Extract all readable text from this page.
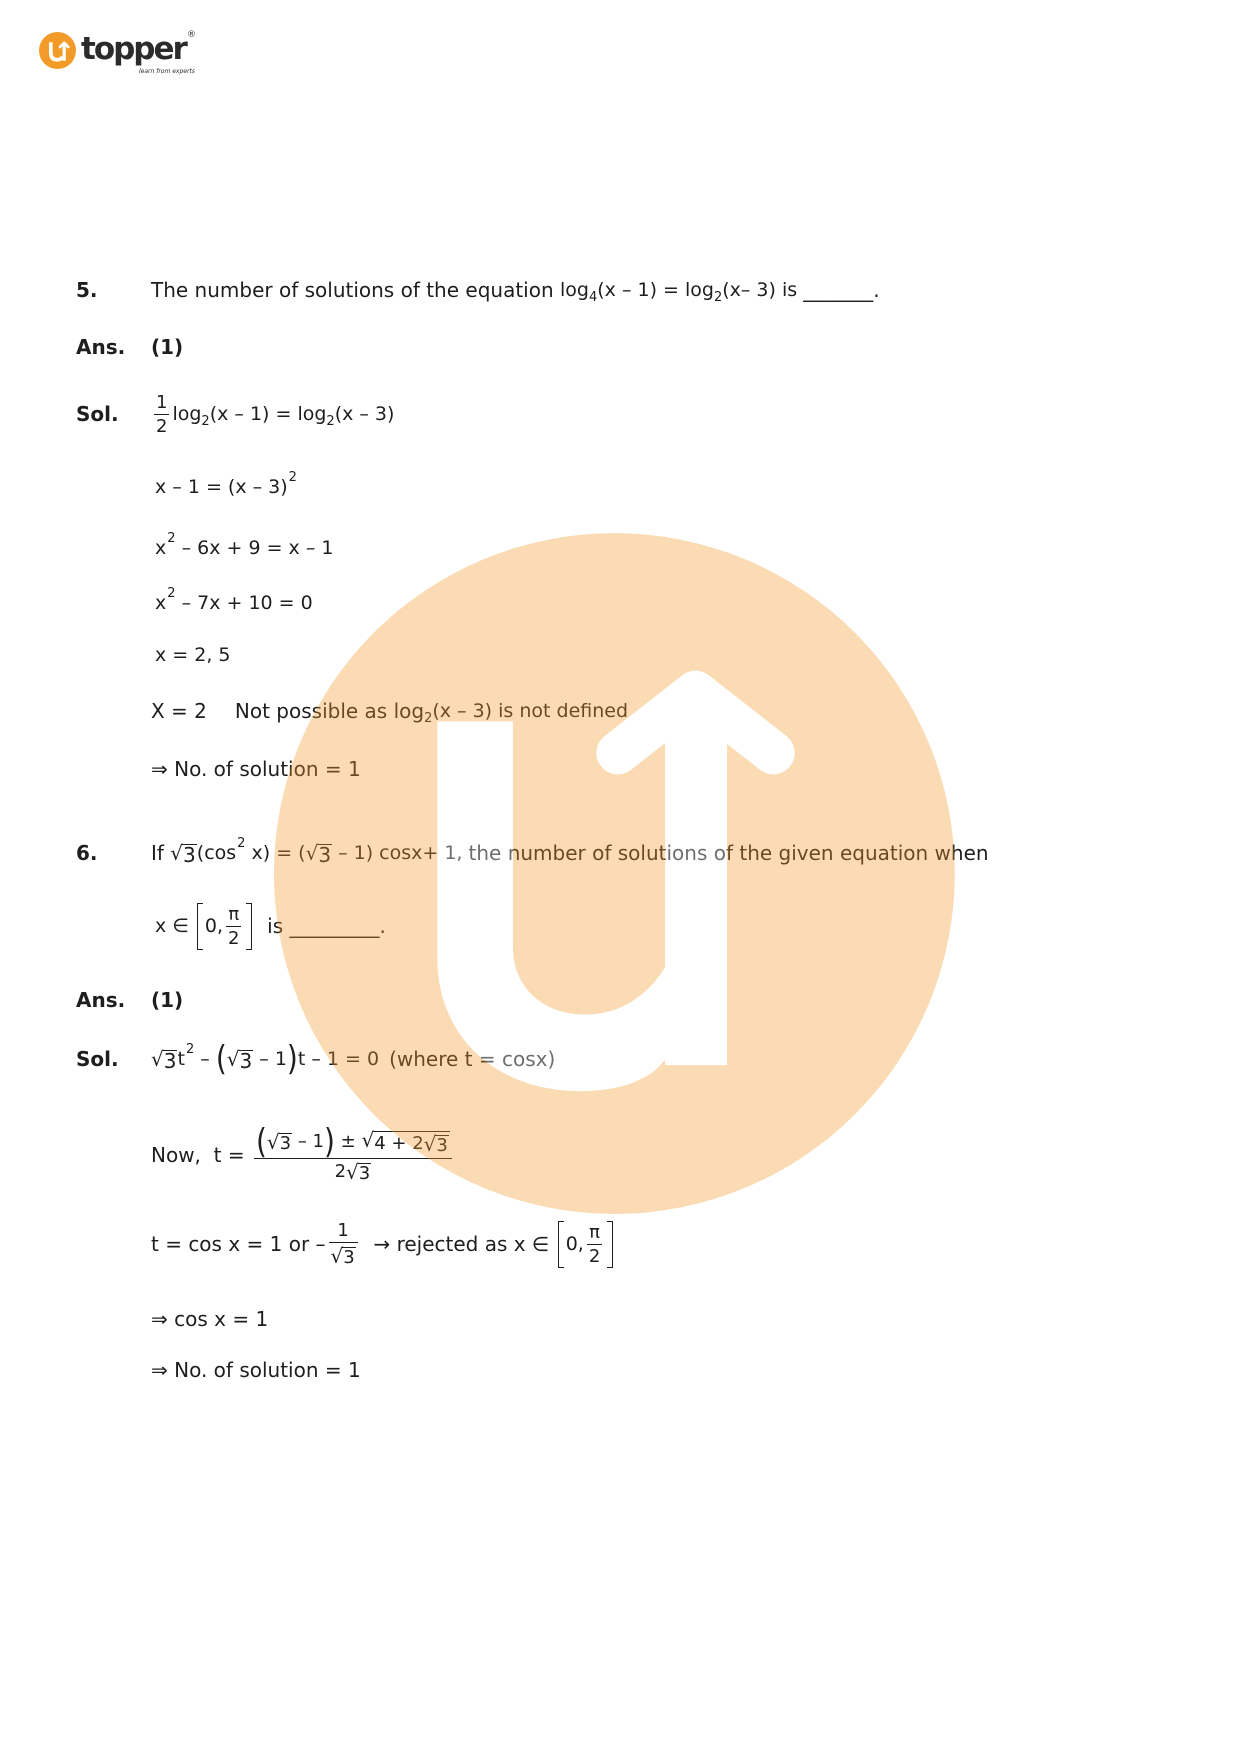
topper ®
learn from experts
5.	The number of solutions of the equation log 4 (x – 1) = log 2 (x– 3) is _______.
Ans.	(1)
Sol.	$\frac{1}{2}$ log 2 (x – 1) = log 2 (x – 3)
x – 1 = (x – 3) 2
x 2 – 6x + 9 = x – 1
x 2 – 7x + 10 = 0
x = 2, 5
X = 2 Not possible as log 2 (x – 3) is not defined
⇒ No. of solution = 1
6.	If √ 3 (cos 2 x) = ( √ 3 – 1) cosx+ 1, the number of solutions of the given equation when
x ∈ 0, $\frac{\pi}{2}$ is _________.
Ans.	(1)
Sol.	√ 3 t 2 – ( √ 3 – 1 ) t – 1 = 0 (where t = cosx)
Now,  t = ( √ 3 – 1 ) ± √ 4 + 2 √ 3
2 √ 3
t = cos x = 1 or – $\frac{1}{√ 3}$ → rejected as x ∈ 0, $\frac{\pi}{2}$
⇒ cos x = 1
⇒ No. of solution = 1
